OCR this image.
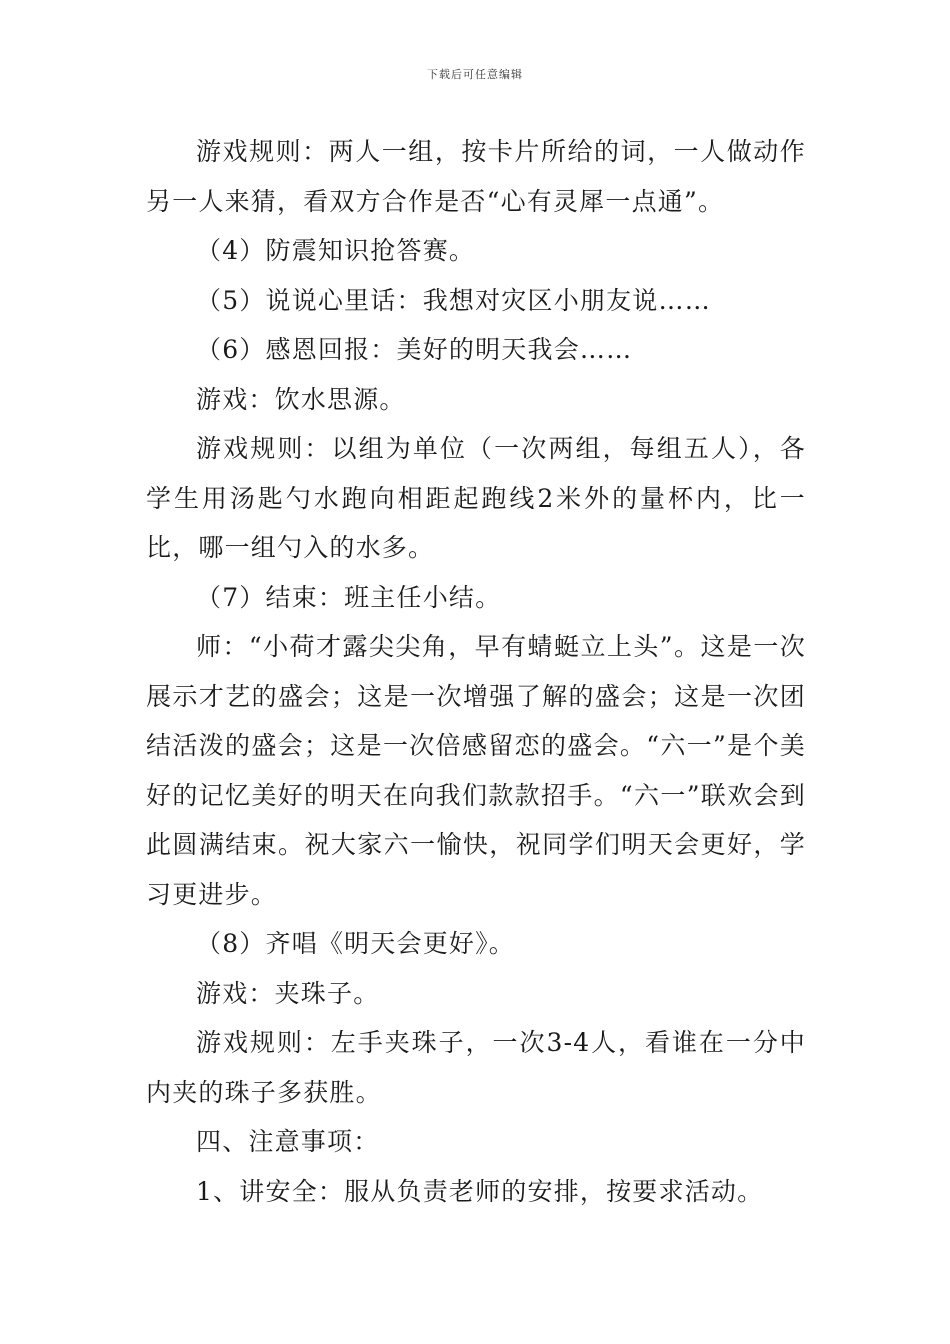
下载后可任意编辑

游戏规则：两人一组，按卡片所给的词，一人做动作另一人来猜，看双方合作是否“心有灵犀一点通”。

（4）防震知识抢答赛。

（5）说说心里话：我想对灾区小朋友说……

（6）感恩回报：美好的明天我会……

游戏：饮水思源。

游戏规则：以组为单位（一次两组，每组五人），各学生用汤匙勺水跑向相距起跑线2米外的量杯内，比一比，哪一组勺入的水多。

（7）结束：班主任小结。

师：“小荷才露尖尖角，早有蜻蜓立上头”。这是一次展示才艺的盛会；这是一次增强了解的盛会；这是一次团结活泼的盛会；这是一次倍感留恋的盛会。“六一”是个美好的记忆美好的明天在向我们款款招手。“六一”联欢会到此圆满结束。祝大家六一愉快，祝同学们明天会更好，学习更进步。

（8）齐唱《明天会更好》。

游戏：夹珠子。

游戏规则：左手夹珠子，一次3-4人，看谁在一分中内夹的珠子多获胜。

四、注意事项：

1、讲安全：服从负责老师的安排，按要求活动。
